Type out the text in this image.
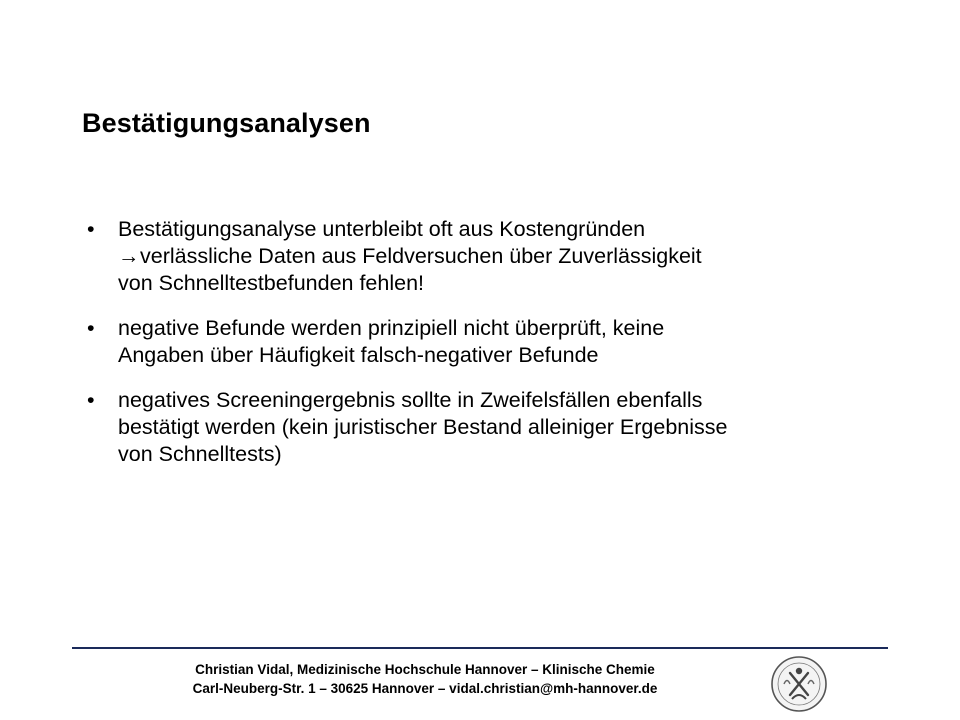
Bestätigungsanalysen
• Bestätigungsanalyse unterbleibt oft aus Kostengründen
→verlässliche Daten aus Feldversuchen über Zuverlässigkeit
von Schnelltestbefunden fehlen!
• negative Befunde werden prinzipiell nicht überprüft, keine
Angaben über Häufigkeit falsch-negativer Befunde
• negatives Screeningergebnis sollte in Zweifelsfällen ebenfalls
bestätigt werden (kein juristischer Bestand alleiniger Ergebnisse
von Schnelltests)
Christian Vidal, Medizinische Hochschule Hannover – Klinische Chemie
Carl-Neuberg-Str. 1 – 30625 Hannover – vidal.christian@mh-hannover.de
